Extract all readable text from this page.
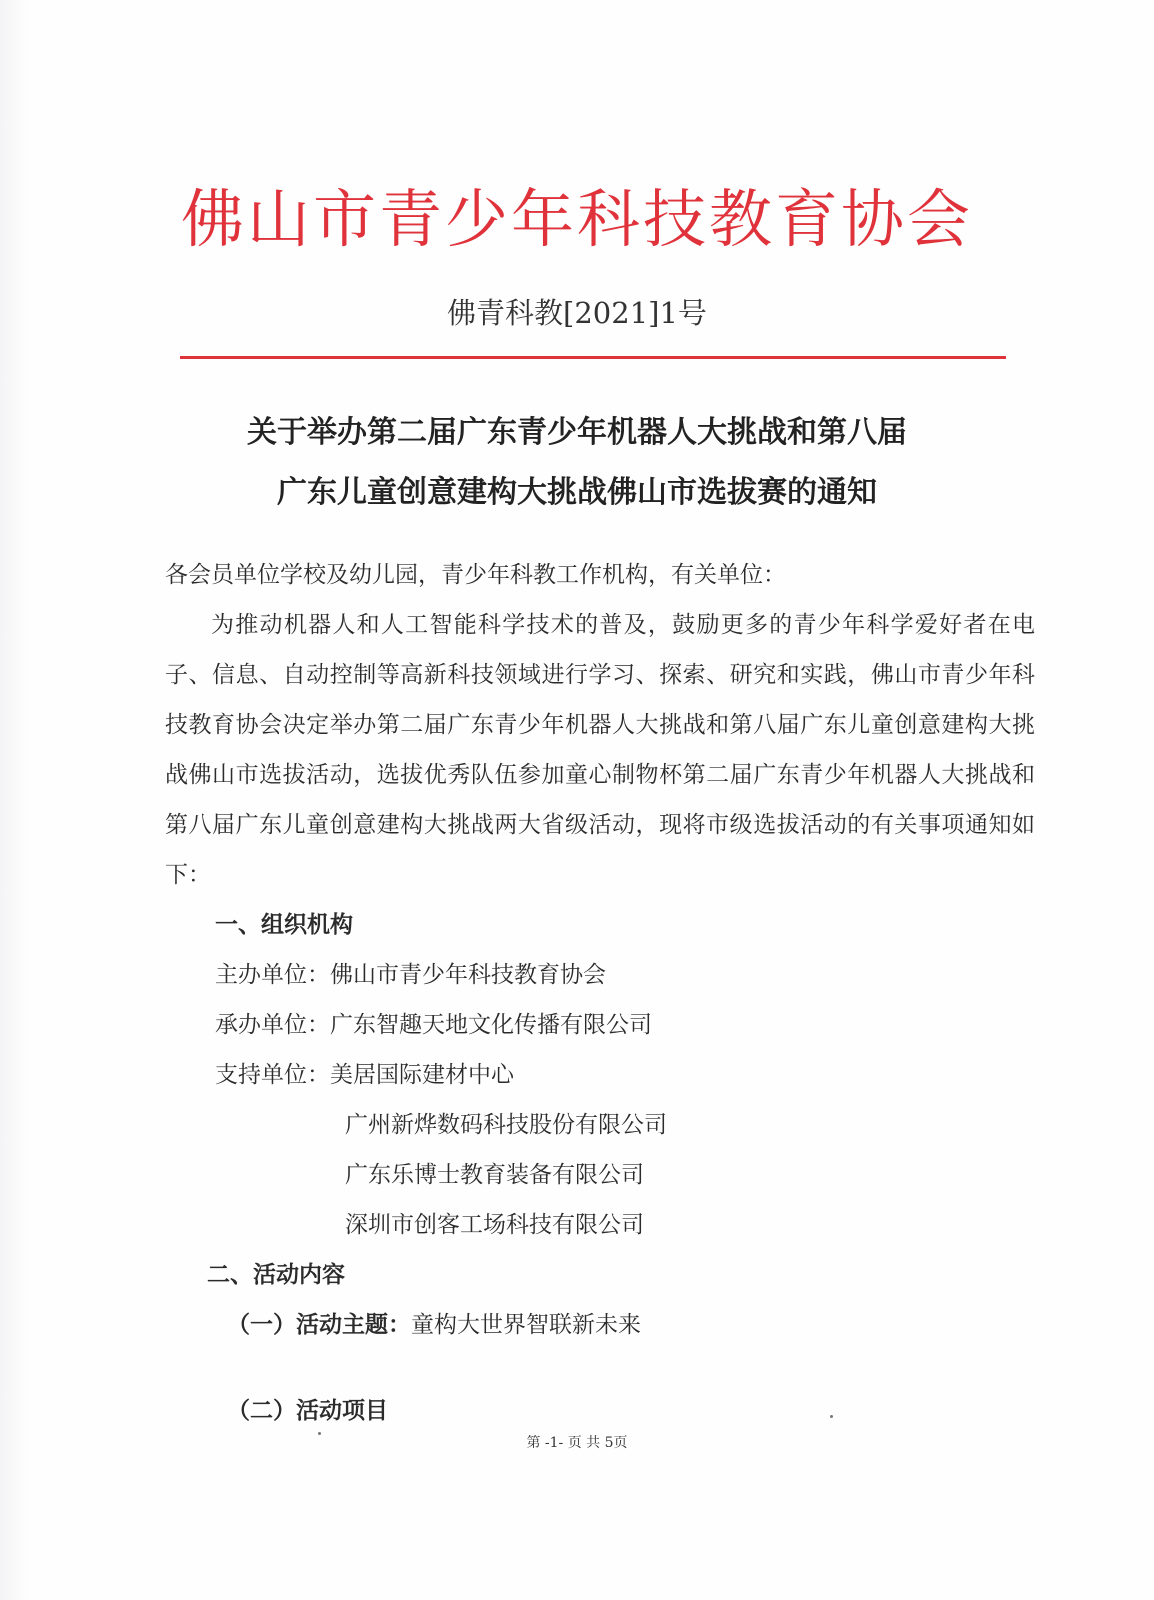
佛山市青少年科技教育协会
佛青科教[2021]1号
关于举办第二届广东青少年机器人大挑战和第八届
广东儿童创意建构大挑战佛山市选拔赛的通知
各会员单位学校及幼儿园，青少年科教工作机构，有关单位：
为推动机器人和人工智能科学技术的普及，鼓励更多的青少年科学爱好者在电子、信息、自动控制等高新科技领域进行学习、探索、研究和实践，佛山市青少年科技教育协会决定举办第二届广东青少年机器人大挑战和第八届广东儿童创意建构大挑战佛山市选拔活动，选拔优秀队伍参加童心制物杯第二届广东青少年机器人大挑战和第八届广东儿童创意建构大挑战两大省级活动，现将市级选拔活动的有关事项通知如下：
一、组织机构
主办单位：佛山市青少年科技教育协会
承办单位：广东智趣天地文化传播有限公司
支持单位：美居国际建材中心
广州新烨数码科技股份有限公司
广东乐博士教育装备有限公司
深圳市创客工场科技有限公司
二、活动内容
（一）活动主题：童构大世界智联新未来
（二）活动项目
第 -1- 页 共 5页
